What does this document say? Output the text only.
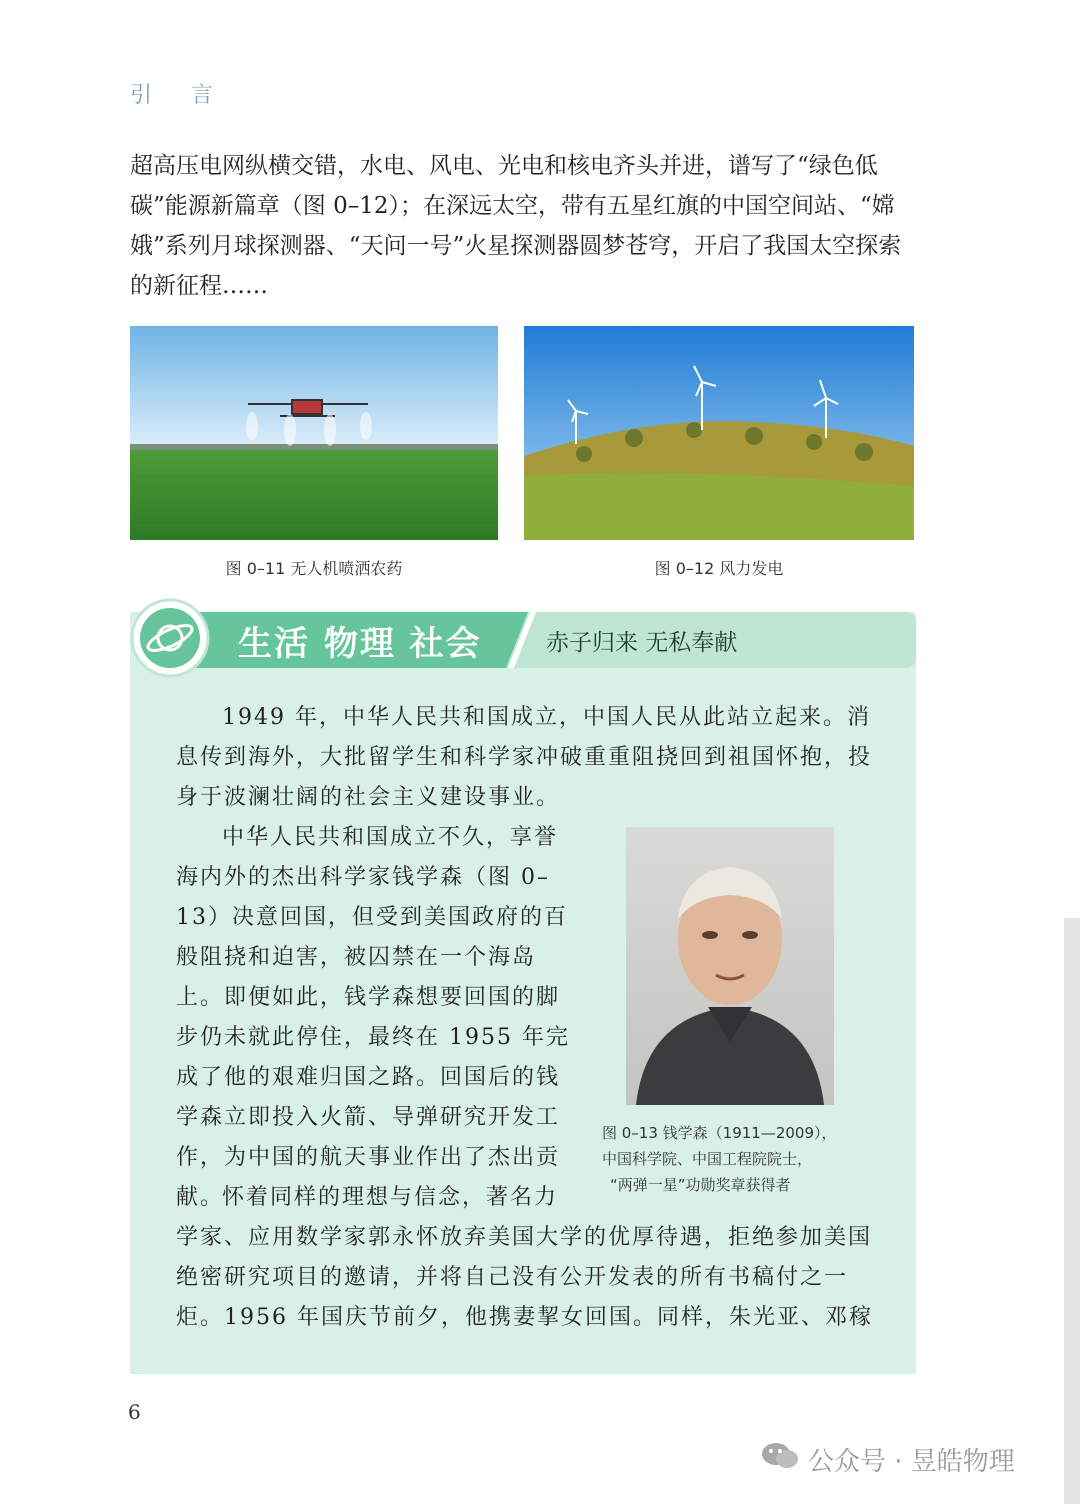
引 言

超高压电网纵横交错，水电、风电、光电和核电齐头并进，谱写了“绿色低碳”能源新篇章（图 0–12）；在深远太空，带有五星红旗的中国空间站、“嫦娥”系列月球探测器、“天问一号”火星探测器圆梦苍穹，开启了我国太空探索的新征程……

图 0–11 无人机喷洒农药	图 0–12 风力发电
生活 物理 社会	赤子归来 无私奉献

1949 年，中华人民共和国成立，中国人民从此站立起来。消息传到海外，大批留学生和科学家冲破重重阻挠回到祖国怀抱，投身于波澜壮阔的社会主义建设事业。

中华人民共和国成立不久，享誉海内外的杰出科学家钱学森（图 0–13）决意回国，但受到美国政府的百般阻挠和迫害，被囚禁在一个海岛上。即便如此，钱学森想要回国的脚步仍未就此停住，最终在 1955 年完成了他的艰难归国之路。回国后的钱学森立即投入火箭、导弹研究开发工作，为中国的航天事业作出了杰出贡献。

怀着同样的理想与信念，著名力

学家、应用数学家郭永怀放弃美国大学的优厚待遇，拒绝参加美国绝密研究项目的邀请，并将自己没有公开发表的所有书稿付之一炬。1956 年国庆节前夕，他携妻挈女回国。同样，朱光亚、邓稼

图 0–13 钱学森（1911—2009），
中国科学院、中国工程院院士，
“两弹一星”功勋奖章获得者
6
公众号 · 昱皓物理
